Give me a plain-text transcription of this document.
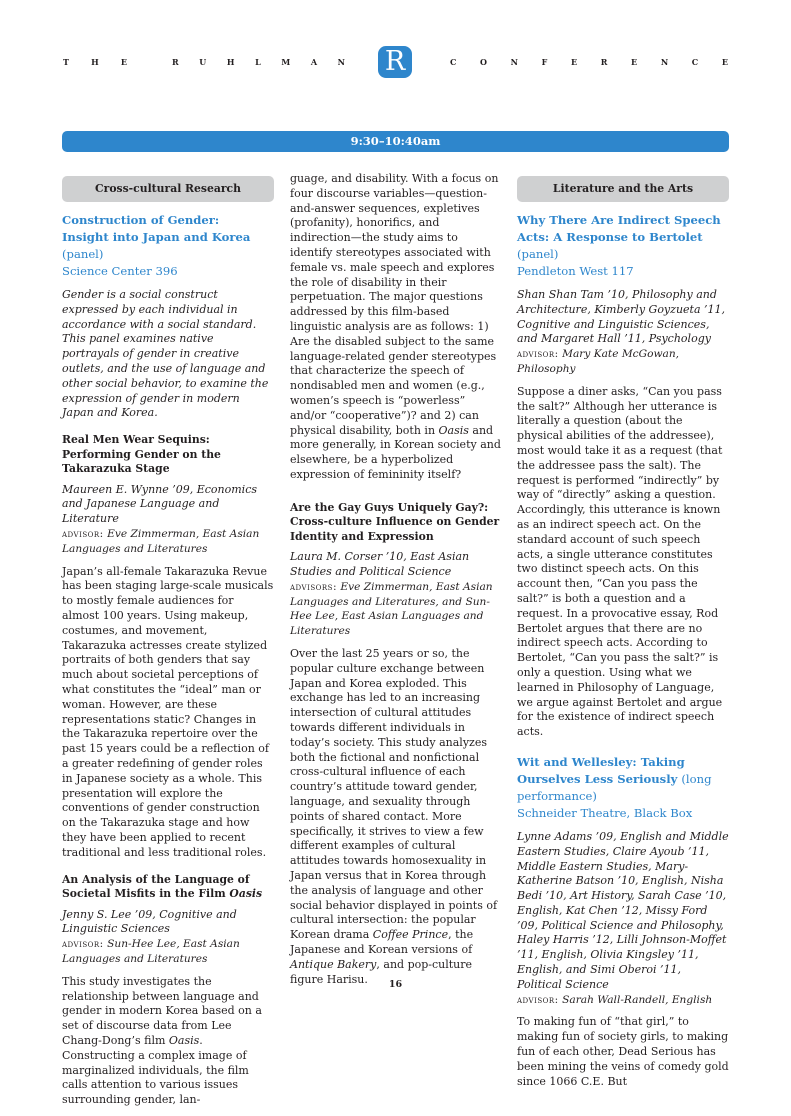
T	H	E	R	U	H	L	M	A	N R	C	O	N	F	E	R	E	N	C	E
9:30–10:40am
Cross-cultural Research
Construction of Gender:
Insight into Japan and Korea (panel)
Science Center 396

Gender is a social construct expressed by each individual in accordance with a social standard. This panel examines native portrayals of gender in creative outlets, and the use of language and other social behavior, to examine the expression of gender in modern Japan and Korea.

Real Men Wear Sequins: Performing Gender on the Takarazuka Stage

Maureen E. Wynne ’09, Economics and Japanese Language and Literature

advisor: Eve Zimmerman, East Asian Languages and Literatures

Japan’s all-female Takarazuka Revue has been staging large-scale musicals to mostly female audiences for almost 100 years. Using makeup, costumes, and movement, Takarazuka actresses create stylized portraits of both genders that say much about societal perceptions of what constitutes the “ideal” man or woman. However, are these representations static? Changes in the Takarazuka repertoire over the past 15 years could be a reflection of a greater redefining of gender roles in Japanese society as a whole. This presentation will explore the conventions of gender construction on the Takarazuka stage and how they have been applied to recent traditional and less traditional roles.

An Analysis of the Language of Societal Misfits in the Film Oasis

Jenny S. Lee ’09, Cognitive and Linguistic Sciences

advisor: Sun-Hee Lee, East Asian Languages and Literatures

This study investigates the relationship between language and gender in modern Korea based on a set of discourse data from Lee Chang-Dong’s film Oasis. Constructing a complex image of marginalized individuals, the film calls attention to various issues surrounding gender, lan-

guage, and disability. With a focus on four discourse variables—question-and-answer sequences, expletives (profanity), honorifics, and indirection—the study aims to identify stereotypes associated with female vs. male speech and explores the role of disability in their perpetuation. The major questions addressed by this film-based linguistic analysis are as follows: 1) Are the disabled subject to the same language-related gender stereotypes that characterize the speech of nondisabled men and women (e.g., women’s speech is “powerless” and/or “cooperative”)? and 2) can physical disability, both in Oasis and more generally, in Korean society and elsewhere, be a hyperbolized expression of femininity itself?

Are the Gay Guys Uniquely Gay?: Cross-culture Influence on Gender Identity and Expression

Laura M. Corser ’10, East Asian Studies and Political Science

advisors: Eve Zimmerman, East Asian Languages and Literatures, and Sun-Hee Lee, East Asian Languages and Literatures

Over the last 25 years or so, the popular culture exchange between Japan and Korea exploded. This exchange has led to an increasing intersection of cultural attitudes towards different individuals in today’s society. This study analyzes both the fictional and nonfictional cross-cultural influence of each country’s attitude toward gender, language, and sexuality through points of shared contact. More specifically, it strives to view a few different examples of cultural attitudes towards homosexuality in Japan versus that in Korea through the analysis of language and other social behavior displayed in points of cultural intersection: the popular Korean drama Coffee Prince, the Japanese and Korean versions of Antique Bakery, and pop-culture figure Harisu.

Literature and the Arts
Why There Are Indirect Speech Acts: A Response to Bertolet (panel)
Pendleton West 117

Shan Shan Tam ’10, Philosophy and Architecture, Kimberly Goyzueta ’11, Cognitive and Linguistic Sciences, and Margaret Hall ’11, Psychology

advisor: Mary Kate McGowan, Philosophy

Suppose a diner asks, “Can you pass the salt?” Although her utterance is literally a question (about the physical abilities of the addressee), most would take it as a request (that the addressee pass the salt). The request is performed “indirectly” by way of “directly” asking a question. Accordingly, this utterance is known as an indirect speech act. On the standard account of such speech acts, a single utterance constitutes two distinct speech acts. On this account then, “Can you pass the salt?” is both a question and a request. In a provocative essay, Rod Bertolet argues that there are no indirect speech acts. According to Bertolet, “Can you pass the salt?” is only a question. Using what we learned in Philosophy of Language, we argue against Bertolet and argue for the existence of indirect speech acts.

Wit and Wellesley: Taking Ourselves Less Seriously (long performance)
Schneider Theatre, Black Box

Lynne Adams ’09, English and Middle Eastern Studies, Claire Ayoub ’11, Middle Eastern Studies, Mary-Katherine Batson ’10, English, Nisha Bedi ’10, Art History, Sarah Case ’10, English, Kat Chen ’12, Missy Ford ’09, Political Science and Philosophy, Haley Harris ’12, Lilli Johnson-Moffet ’11, English, Olivia Kingsley ’11, English, and Simi Oberoi ’11, Political Science

advisor: Sarah Wall-Randell, English

To making fun of “that girl,” to making fun of society girls, to making fun of each other, Dead Serious has been mining the veins of comedy gold since 1066 C.E. But

16
